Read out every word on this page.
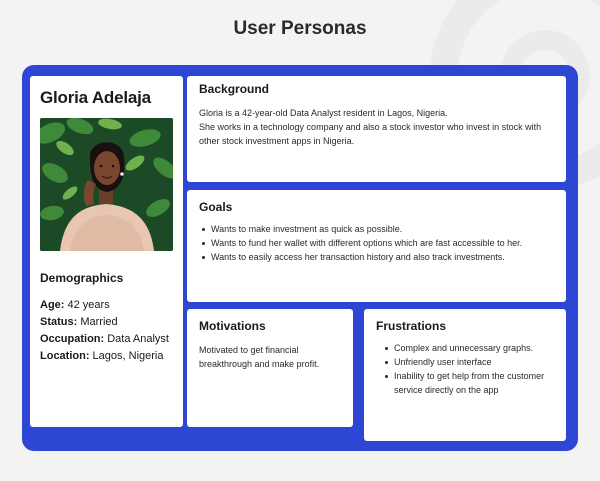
User Personas
Gloria Adelaja
Demographics
Age: 42 years
Status: Married
Occupation: Data Analyst
Location: Lagos, Nigeria
Background

Gloria is a 42-year-old Data Analyst resident in Lagos, Nigeria.

She works in a technology company and also a stock investor who invest in stock with other stock investment apps in Nigeria.

Goals
Wants to make investment as quick as possible.
Wants to fund her wallet with different options which are fast accessible to her.
Wants to easily access her transaction history and also track investments.
Motivations
Motivated to get financial breakthrough and make profit.
Frustrations
Complex and unnecessary graphs.
Unfriendly user interface
Inability to get help from the customer service directly on the app
